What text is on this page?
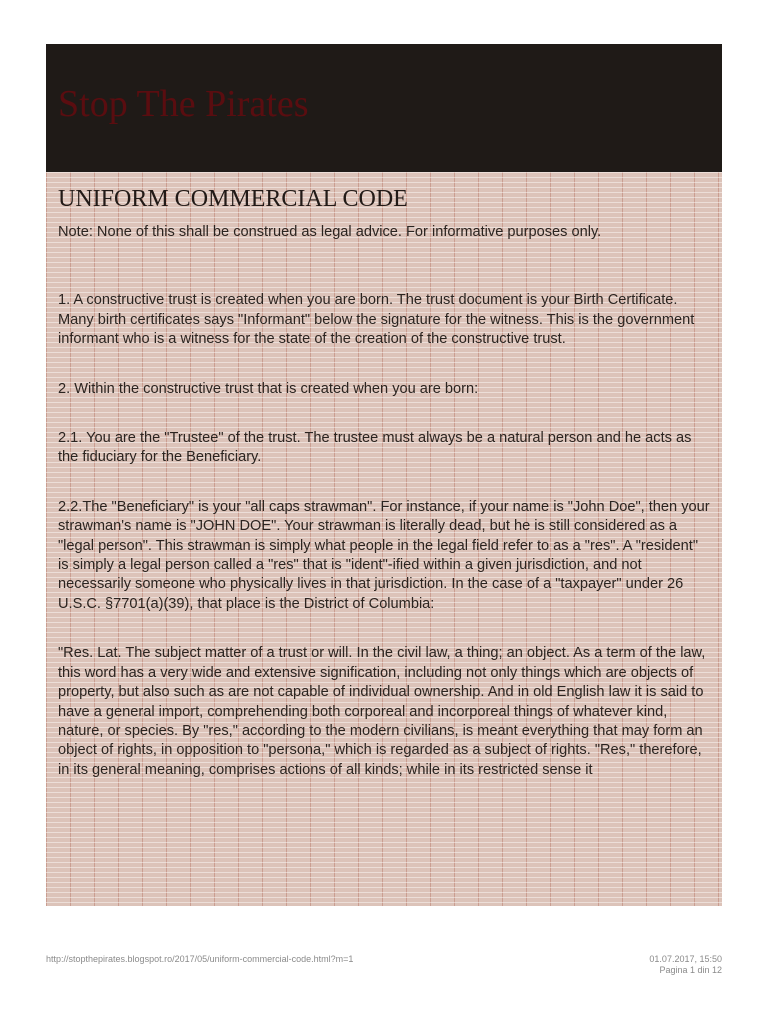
Stop The Pirates
UNIFORM COMMERCIAL CODE

Note: None of this shall be construed as legal advice. For informative purposes only.

1. A constructive trust is created when you are born. The trust document is your Birth Certificate. Many birth certificates says "Informant" below the signature for the witness. This is the government informant who is a witness for the state of the creation of the constructive trust.

2. Within the constructive trust that is created when you are born:

2.1. You are the "Trustee" of the trust. The trustee must always be a natural person and he acts as the fiduciary for the Beneficiary.

2.2.The "Beneficiary" is your "all caps strawman". For instance, if your name is "John Doe", then your strawman's name is "JOHN DOE". Your strawman is literally dead, but he is still considered as a "legal person". This strawman is simply what people in the legal field refer to as a "res". A "resident" is simply a legal person called a "res" that is "ident"-ified within a given jurisdiction, and not necessarily someone who physically lives in that jurisdiction. In the case of a "taxpayer" under 26 U.S.C. §7701(a)(39), that place is the District of Columbia:

"Res. Lat. The subject matter of a trust or will. In the civil law, a thing; an object. As a term of the law, this word has a very wide and extensive signification, including not only things which are objects of property, but also such as are not capable of individual ownership. And in old English law it is said to have a general import, comprehending both corporeal and incorporeal things of whatever kind, nature, or species. By "res," according to the modern civilians, is meant everything that may form an object of rights, in opposition to "persona," which is regarded as a subject of rights. "Res," therefore, in its general meaning, comprises actions of all kinds; while in its restricted sense it

http://stopthepirates.blogspot.ro/2017/05/uniform-commercial-code.html?m=1	01.07.2017, 15:50
Pagina 1 din 12
